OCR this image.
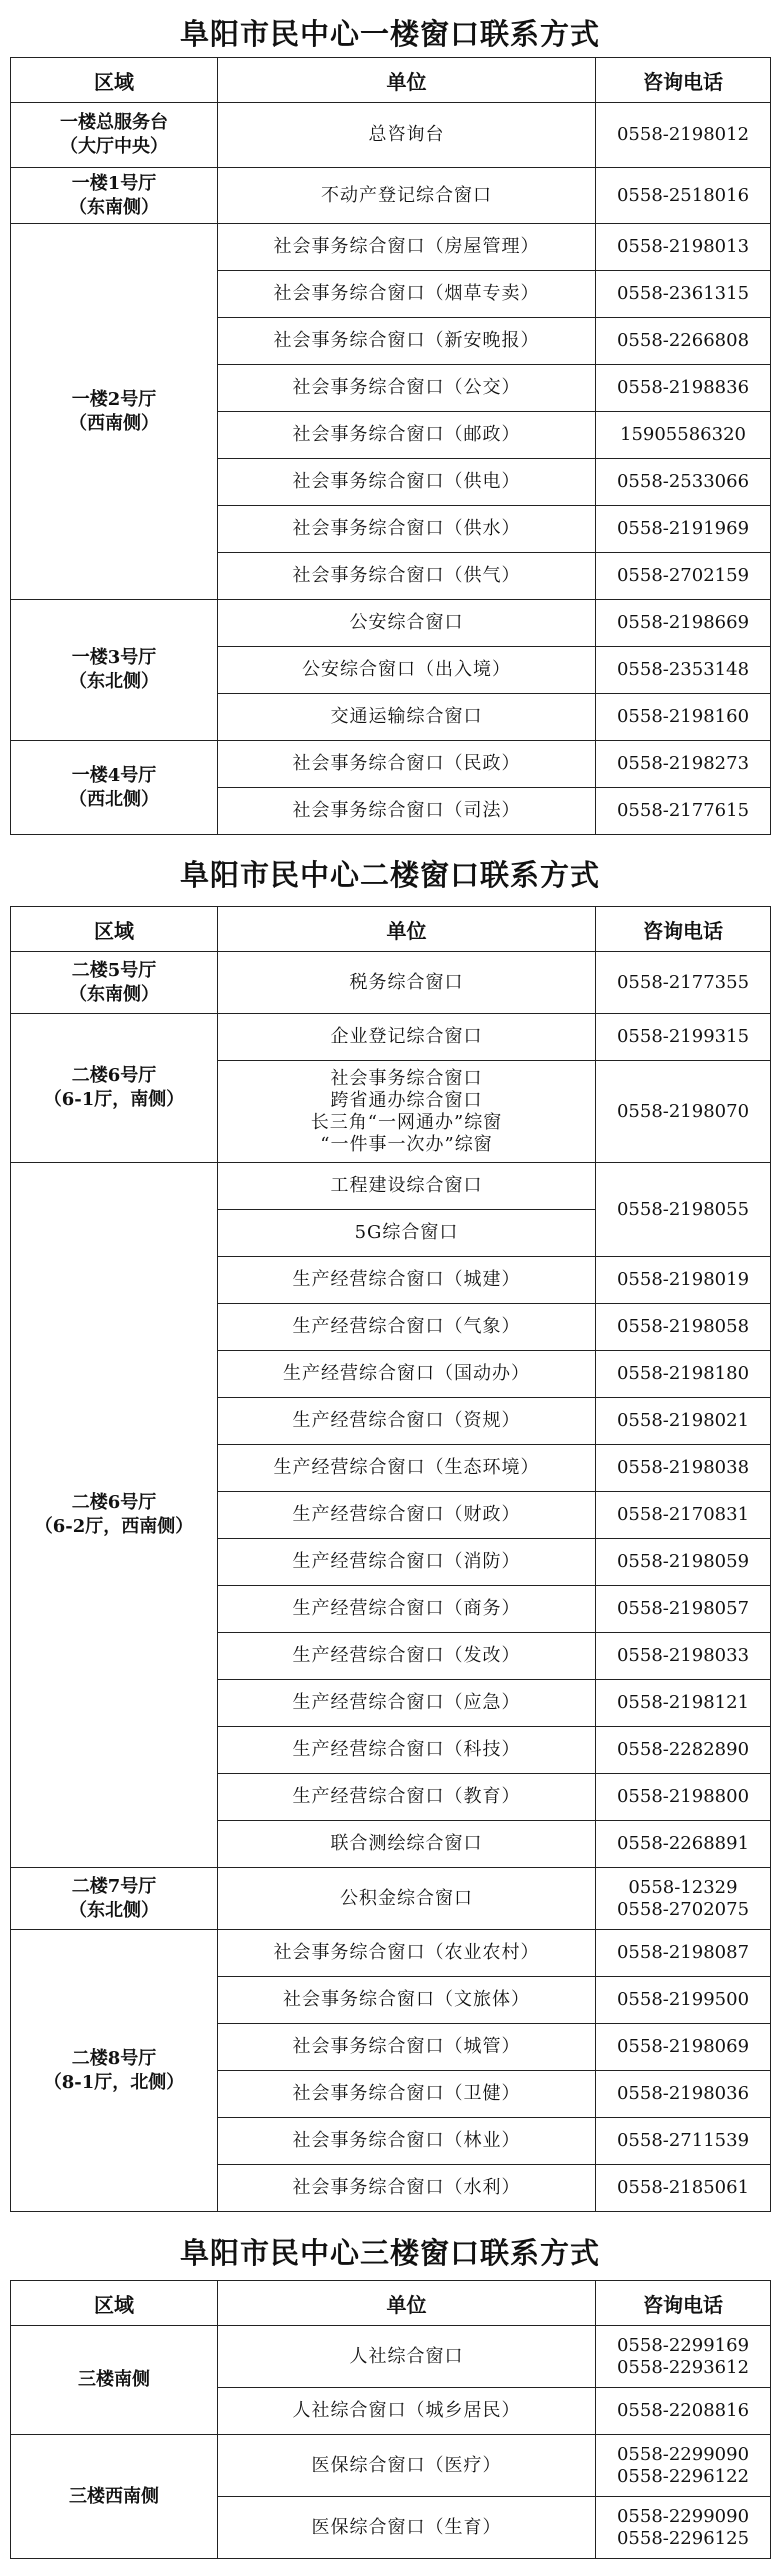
阜阳市民中心一楼窗口联系方式
区域	单位	咨询电话

一楼总服务台
（大厅中央）	总咨询台	0558-2198012

一楼1号厅
（东南侧）	不动产登记综合窗口	0558-2518016

一楼2号厅
（西南侧）	社会事务综合窗口（房屋管理）	0558-2198013

	社会事务综合窗口（烟草专卖）	0558-2361315

	社会事务综合窗口（新安晚报）	0558-2266808

	社会事务综合窗口（公交）	0558-2198836

	社会事务综合窗口（邮政）	15905586320

	社会事务综合窗口（供电）	0558-2533066

	社会事务综合窗口（供水）	0558-2191969

	社会事务综合窗口（供气）	0558-2702159

一楼3号厅
（东北侧）	公安综合窗口	0558-2198669

	公安综合窗口（出入境）	0558-2353148

	交通运输综合窗口	0558-2198160

一楼4号厅
（西北侧）	社会事务综合窗口（民政）	0558-2198273

	社会事务综合窗口（司法）	0558-2177615
阜阳市民中心二楼窗口联系方式
区域	单位	咨询电话

二楼5号厅
（东南侧）	税务综合窗口	0558-2177355

二楼6号厅
（6-1厅，南侧）	企业登记综合窗口	0558-2199315

	社会事务综合窗口
跨省通办综合窗口
长三角“一网通办”综窗
“一件事一次办”综窗	0558-2198070

二楼6号厅
（6-2厅，西南侧）	工程建设综合窗口	0558-2198055

	5G综合窗口	

	生产经营综合窗口（城建）	0558-2198019

	生产经营综合窗口（气象）	0558-2198058

	生产经营综合窗口（国动办）	0558-2198180

	生产经营综合窗口（资规）	0558-2198021

	生产经营综合窗口（生态环境）	0558-2198038

	生产经营综合窗口（财政）	0558-2170831

	生产经营综合窗口（消防）	0558-2198059

	生产经营综合窗口（商务）	0558-2198057

	生产经营综合窗口（发改）	0558-2198033

	生产经营综合窗口（应急）	0558-2198121

	生产经营综合窗口（科技）	0558-2282890

	生产经营综合窗口（教育）	0558-2198800

	联合测绘综合窗口	0558-2268891

二楼7号厅
（东北侧）	公积金综合窗口	0558-12329
0558-2702075

二楼8号厅
（8-1厅，北侧）	社会事务综合窗口（农业农村）	0558-2198087

	社会事务综合窗口（文旅体）	0558-2199500

	社会事务综合窗口（城管）	0558-2198069

	社会事务综合窗口（卫健）	0558-2198036

	社会事务综合窗口（林业）	0558-2711539

	社会事务综合窗口（水利）	0558-2185061
阜阳市民中心三楼窗口联系方式
区域	单位	咨询电话

三楼南侧	人社综合窗口	0558-2299169
0558-2293612

	人社综合窗口（城乡居民）	0558-2208816

三楼西南侧	医保综合窗口（医疗）	0558-2299090
0558-2296122

	医保综合窗口（生育）	0558-2299090
0558-2296125
